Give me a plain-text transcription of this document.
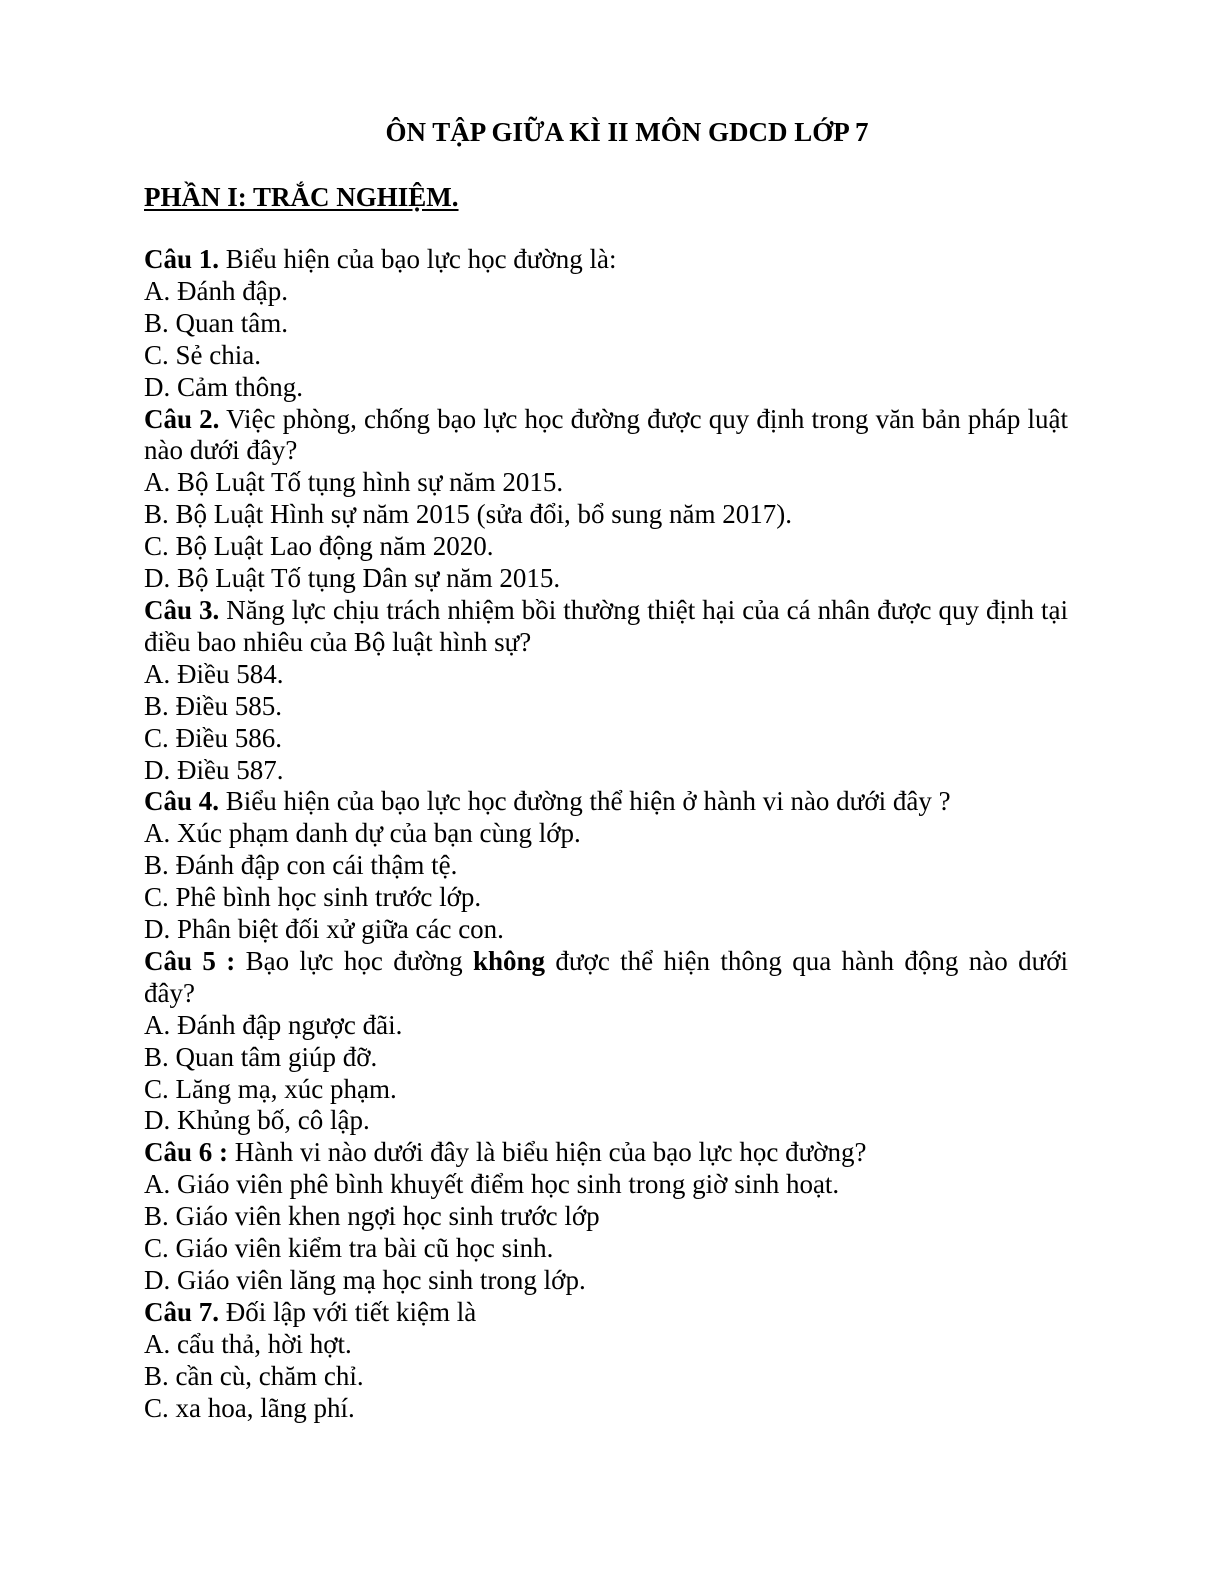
ÔN TẬP GIỮA KÌ II MÔN GDCD LỚP 7
PHẦN I: TRẮC NGHIỆM.
Câu 1. Biểu hiện của bạo lực học đường là:
A. Đánh đập.
B. Quan tâm.
C. Sẻ chia.
D. Cảm thông.
Câu 2. Việc phòng, chống bạo lực học đường được quy định trong văn bản pháp luật nào dưới đây?
A. Bộ Luật Tố tụng hình sự năm 2015.
B. Bộ Luật Hình sự năm 2015 (sửa đổi, bổ sung năm 2017).
C. Bộ Luật Lao động năm 2020.
D. Bộ Luật Tố tụng Dân sự năm 2015.
Câu 3. Năng lực chịu trách nhiệm bồi thường thiệt hại của cá nhân được quy định tại điều bao nhiêu của Bộ luật hình sự?
A. Điều 584.
B. Điều 585.
C. Điều 586.
D. Điều 587.
Câu 4. Biểu hiện của bạo lực học đường thể hiện ở hành vi nào dưới đây ?
A. Xúc phạm danh dự của bạn cùng lớp.
B. Đánh đập con cái thậm tệ.
C. Phê bình học sinh trước lớp.
D. Phân biệt đối xử giữa các con.
Câu 5 : Bạo lực học đường không được thể hiện thông qua hành động nào dưới đây?
A. Đánh đập ngược đãi.
B. Quan tâm giúp đỡ.
C. Lăng mạ, xúc phạm.
D. Khủng bố, cô lập.
Câu 6 : Hành vi nào dưới đây là biểu hiện của bạo lực học đường?
A. Giáo viên phê bình khuyết điểm học sinh trong giờ sinh hoạt.
B. Giáo viên khen ngợi học sinh trước lớp
C. Giáo viên kiểm tra bài cũ học sinh.
D. Giáo viên lăng mạ học sinh trong lớp.
Câu 7. Đối lập với tiết kiệm là
A. cẩu thả, hời hợt.
B. cần cù, chăm chỉ.
C. xa hoa, lãng phí.
